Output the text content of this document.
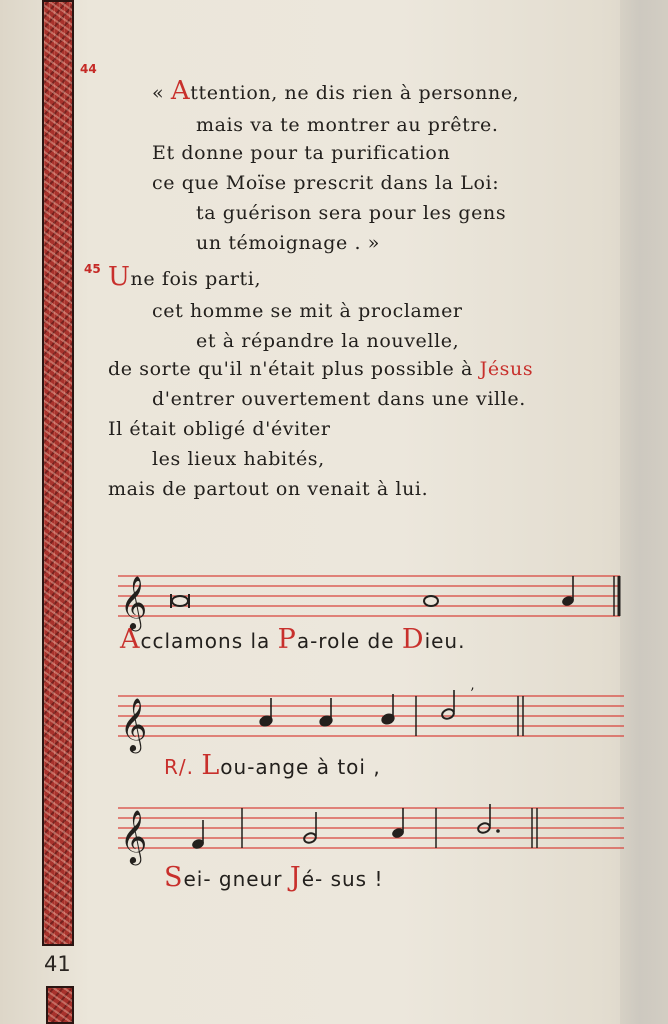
44
« Attention, ne dis rien à personne,
mais va te montrer au prêtre.
Et donne pour ta purification
ce que Moïse prescrit dans la Loi:
ta guérison sera pour les gens
un témoignage . »
45 Une fois parti,
cet homme se mit à proclamer
et à répandre la nouvelle,
de sorte qu'il n'était plus possible à Jésus
d'entrer ouvertement dans une ville.
Il était obligé d'éviter
les lieux habités,
mais de partout on venait à lui.
𝄞
Acclamons la Pa-role de Dieu.
𝄞
’
R/. Lou-ange à toi ,
𝄞
Sei- gneur Jé- sus !
41
